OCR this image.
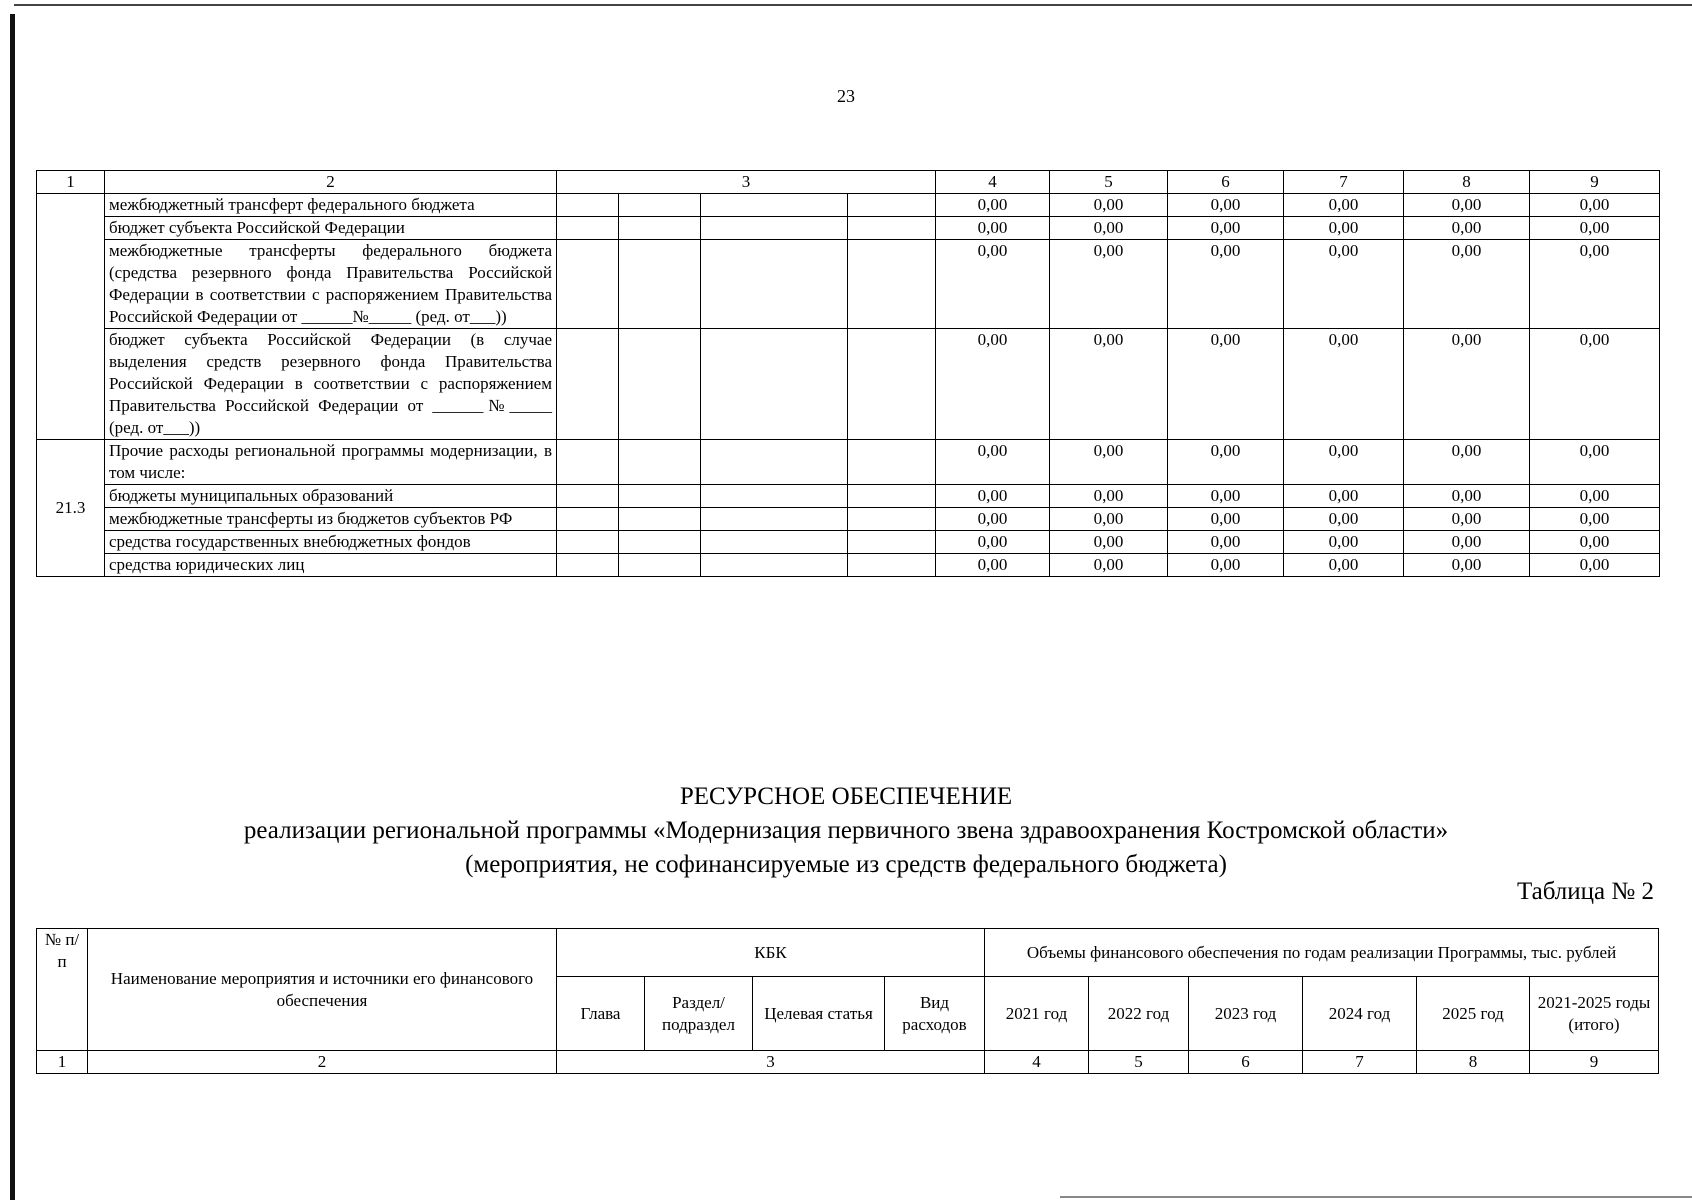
23
1	2	3				4	5	6	7	8	9
	межбюджетный трансферт федерального бюджета					0,00	0,00	0,00	0,00	0,00	0,00
	бюджет субъекта Российской Федерации					0,00	0,00	0,00	0,00	0,00	0,00
	межбюджетные трансферты федерального бюджета (средства резервного фонда Правительства Российской Федерации в соответствии с распоряжением Правительства Российской Федерации от ______№_____ (ред. от___))					0,00	0,00	0,00	0,00	0,00	0,00
	бюджет субъекта Российской Федерации (в случае выделения средств резервного фонда Правительства Российской Федерации в соответствии с распоряжением Правительства Российской Федерации от ______№_____ (ред. от___))					0,00	0,00	0,00	0,00	0,00	0,00
21.3	Прочие расходы региональной программы модернизации, в том числе:					0,00	0,00	0,00	0,00	0,00	0,00
	бюджеты муниципальных образований					0,00	0,00	0,00	0,00	0,00	0,00
	межбюджетные трансферты из бюджетов субъектов РФ					0,00	0,00	0,00	0,00	0,00	0,00
	средства государственных внебюджетных фондов					0,00	0,00	0,00	0,00	0,00	0,00
	средства юридических лиц					0,00	0,00	0,00	0,00	0,00	0,00
РЕСУРСНОЕ ОБЕСПЕЧЕНИЕ
реализации региональной программы «Модернизация первичного звена здравоохранения Костромской области»
(мероприятия, не софинансируемые из средств федерального бюджета)
Таблица № 2
№ п/п	Наименование мероприятия и источники его финансового обеспечения	КБК				Объемы финансового обеспечения по годам реализации Программы, тыс. рублей					
		Глава	Раздел/ подраздел	Целевая статья	Вид расходов	2021 год	2022 год	2023 год	2024 год	2025 год	2021-2025 годы (итого)
1	2	3				4	5	6	7	8	9
